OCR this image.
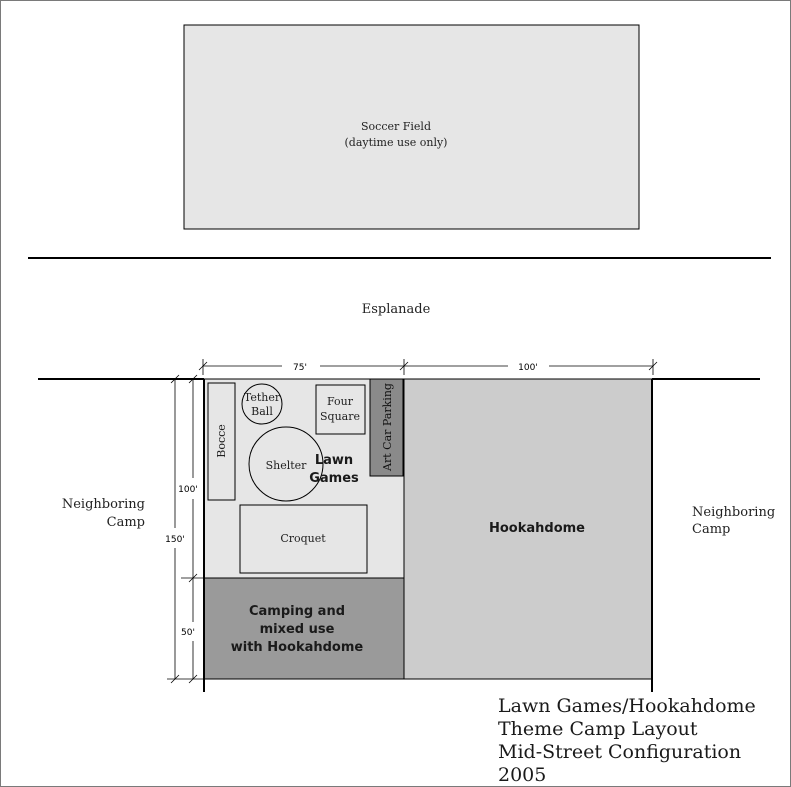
Soccer Field
(daytime use only)
Esplanade
75'	100'
100'
150'
50'
Hookahdome
Camping and
mixed use
with Hookahdome
Bocce
Tether
Ball
Four
Square Art Car Parking
Shelter Lawn
Games
Croquet
Neighboring
Camp
Neighboring
Camp
Lawn Games/Hookahdome
Theme Camp Layout
Mid-Street Configuration
2005
